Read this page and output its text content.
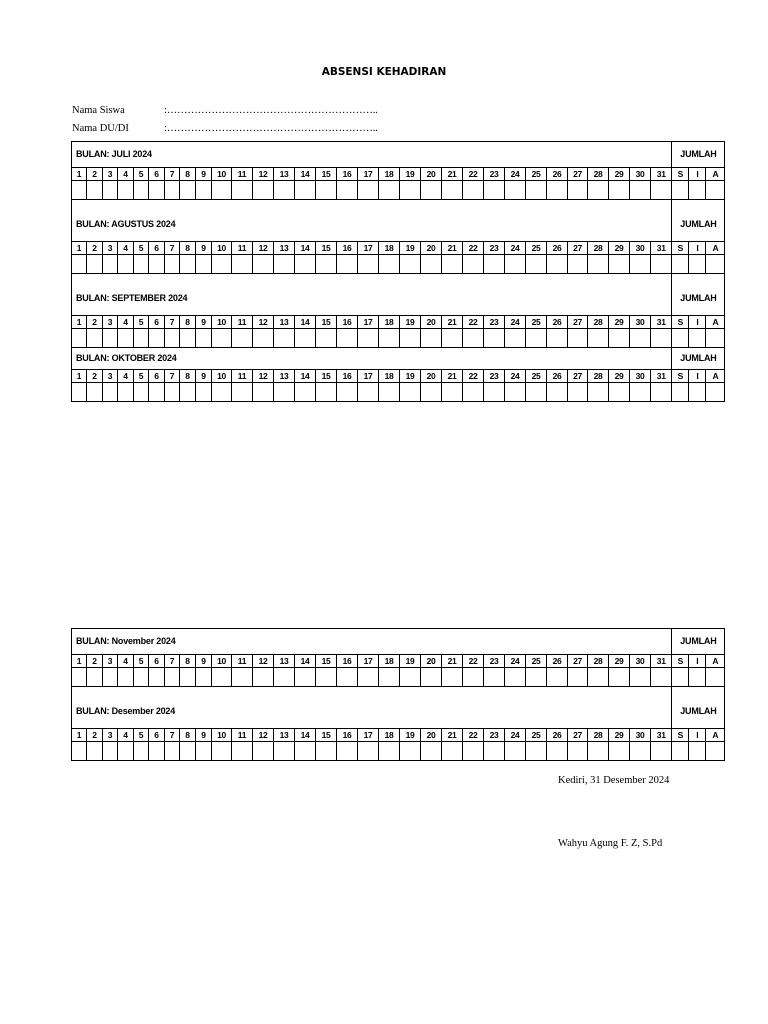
ABSENSI KEHADIRAN
Nama Siswa	:……………………………………………………..
Nama DU/DI	:……………………………………………………..
BULAN: JULI 2024																															JUMLAH		
1	2	3	4	5	6	7	8	9	10	11	12	13	14	15	16	17	18	19	20	21	22	23	24	25	26	27	28	29	30	31	S	I	A

BULAN: AGUSTUS 2024																															JUMLAH		
1	2	3	4	5	6	7	8	9	10	11	12	13	14	15	16	17	18	19	20	21	22	23	24	25	26	27	28	29	30	31	S	I	A

BULAN: SEPTEMBER 2024																															JUMLAH		
1	2	3	4	5	6	7	8	9	10	11	12	13	14	15	16	17	18	19	20	21	22	23	24	25	26	27	28	29	30	31	S	I	A

BULAN: OKTOBER 2024																															JUMLAH		
1	2	3	4	5	6	7	8	9	10	11	12	13	14	15	16	17	18	19	20	21	22	23	24	25	26	27	28	29	30	31	S	I	A

BULAN: November 2024																															JUMLAH		
1	2	3	4	5	6	7	8	9	10	11	12	13	14	15	16	17	18	19	20	21	22	23	24	25	26	27	28	29	30	31	S	I	A

BULAN: Desember 2024																															JUMLAH		
1	2	3	4	5	6	7	8	9	10	11	12	13	14	15	16	17	18	19	20	21	22	23	24	25	26	27	28	29	30	31	S	I	A

Kediri, 31 Desember 2024
Wahyu Agung F. Z, S.Pd
